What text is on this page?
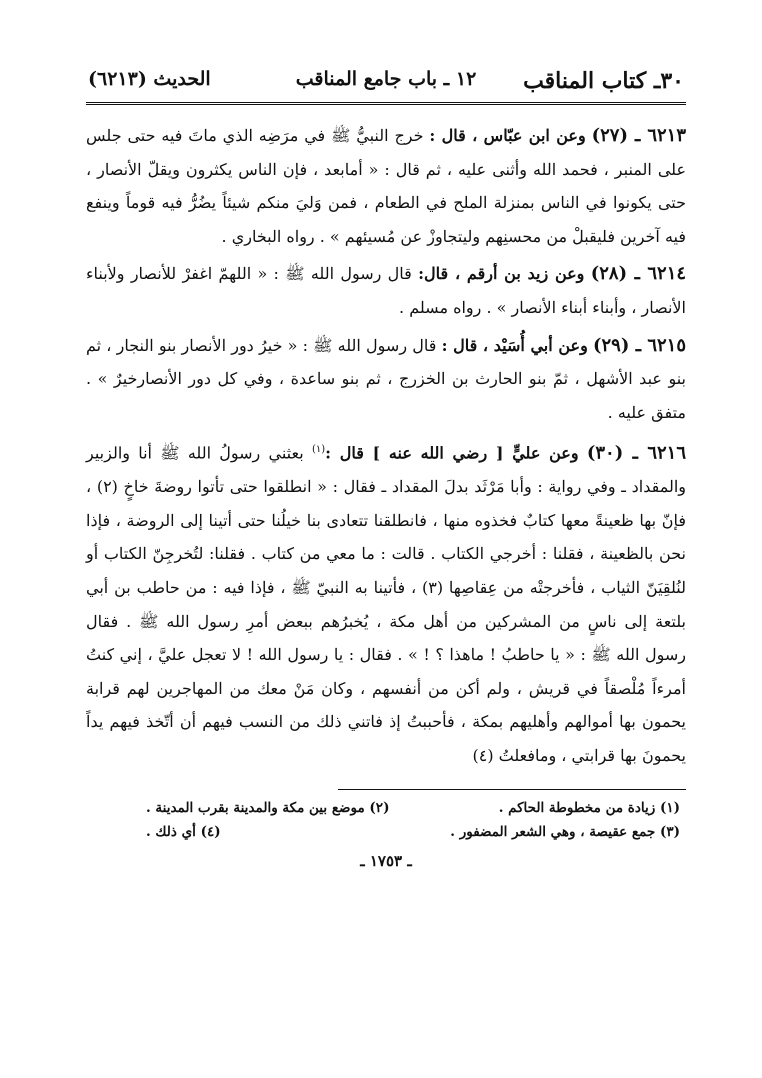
٣٠ـ كتاب المناقب
١٢ ـ باب جامع المناقب
الحديث (٦٢١٣)

٦٢١٣ ـ (٢٧) وعن ابن عبّاس ، قال : خرج النبيُّ ﷺ في مرَضِه الذي ماتَ فيه حتى جلس على المنبر ، فحمد الله وأثنى عليه ، ثم قال : « أمابعد ، فإن الناس يكثرون ويقلّ الأنصار ، حتى يكونوا في الناس بمنزلة الملح في الطعام ، فمن وَليَ منكم شيئاً يضُرُّ فيه قوماً وينفع فيه آخرين فليقبلْ من محسنِهم وليتجاوزْ عن مُسيئهم » . رواه البخاري .

٦٢١٤ ـ (٢٨) وعن زيد بن أرقم ، قال: قال رسول الله ﷺ : « اللهمّ اغفرْ للأنصار ولأبناء الأنصار ، وأبناء أبناء الأنصار » . رواه مسلم .

٦٢١٥ ـ (٢٩) وعن أبي أُسَيْد ، قال : قال رسول الله ﷺ : « خيرُ دور الأنصار بنو النجار ، ثم بنو عبد الأشهل ، ثمّ بنو الحارث بن الخزرج ، ثم بنو ساعدة ، وفي كل دور الأنصارخيرٌ » . متفق عليه .

٦٢١٦ ـ (٣٠) وعن عليٍّ [ رضي الله عنه ] قال :$^{(١)}$ بعثني رسولُ الله ﷺ أنا والزبير والمقداد ـ وفي رواية : وأبا مَرْثَد بدلَ المقداد ـ فقال : « انطلقوا حتى تأتوا روضةَ خاخٍ (٢) ، فإنّ بها ظعينةً معها كتابٌ فخذوه منها ، فانطلقنا تتعادى بنا خيلُنا حتى أتينا إلى الروضة ، فإذا نحن بالظعينة ، فقلنا : أخرجي الكتاب . قالت : ما معي من كتاب . فقلنا: لتُخرجِنّ الكتاب أو لنُلقِيَنّ الثياب ، فأخرجتْه من عِقاصِها (٣) ، فأتينا به النبيّ ﷺ ، فإذا فيه : من حاطب بن أبي بلتعة إلى ناسٍ من المشركين من أهل مكة ، يُخبرُهم ببعض أمرِ رسول الله ﷺ . فقال رسول الله ﷺ : « يا حاطبُ ! ماهذا ؟ ! » . فقال : يا رسول الله ! لا تعجل عليَّ ، إني كنتُ أمرءاً مُلْصقاً في قريش ، ولم أكن من أنفسهم ، وكان مَنْ معك من المهاجرين لهم قرابة يحمون بها أموالهم وأهليهم بمكة ، فأحببتُ إذ فاتني ذلك من النسب فيهم أن أتّخذ فيهم يداً يحمونَ بها قرابتي ، ومافعلتُ (٤)

(١) زيادة من مخطوطة الحاكم .
(٢) موضع بين مكة والمدينة بقرب المدينة .
(٣) جمع عقيصة ، وهي الشعر المضفور .
(٤) أي ذلك .
ـ ١٧٥٣ ـ
